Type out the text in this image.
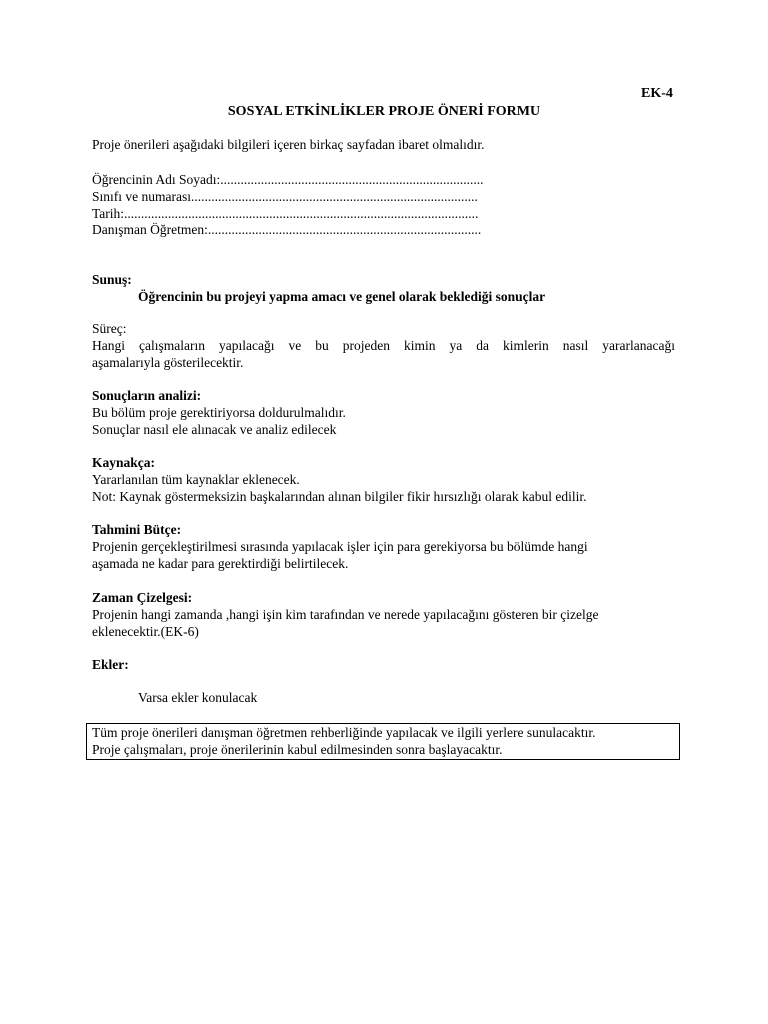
EK-4
SOSYAL ETKİNLİKLER PROJE ÖNERİ FORMU
Proje önerileri aşağıdaki bilgileri içeren birkaç sayfadan ibaret olmalıdır.
Öğrencinin Adı Soyadı:..............................................................................
Sınıfı ve numarası.....................................................................................
Tarih:.........................................................................................................
Danışman Öğretmen:.................................................................................
Sunuş:
Öğrencinin bu projeyi yapma amacı ve genel olarak beklediği sonuçlar
Süreç:
Hangi çalışmaların yapılacağı ve bu projeden kimin ya da kimlerin nasıl yararlanacağı
aşamalarıyla gösterilecektir.
Sonuçların analizi:
Bu bölüm proje gerektiriyorsa doldurulmalıdır.
Sonuçlar nasıl ele alınacak ve analiz edilecek
Kaynakça:
Yararlanılan tüm kaynaklar eklenecek.
Not: Kaynak göstermeksizin başkalarından alınan bilgiler fikir hırsızlığı olarak kabul edilir.
Tahmini Bütçe:
Projenin gerçekleştirilmesi sırasında yapılacak işler için para gerekiyorsa bu bölümde hangi
aşamada ne kadar para gerektirdiği belirtilecek.
Zaman Çizelgesi:
Projenin hangi zamanda ,hangi işin kim tarafından ve nerede yapılacağını gösteren bir çizelge
eklenecektir.(EK-6)
Ekler:
Varsa ekler konulacak
Tüm proje önerileri danışman öğretmen rehberliğinde yapılacak ve ilgili yerlere sunulacaktır.
Proje çalışmaları, proje önerilerinin kabul edilmesinden sonra başlayacaktır.
